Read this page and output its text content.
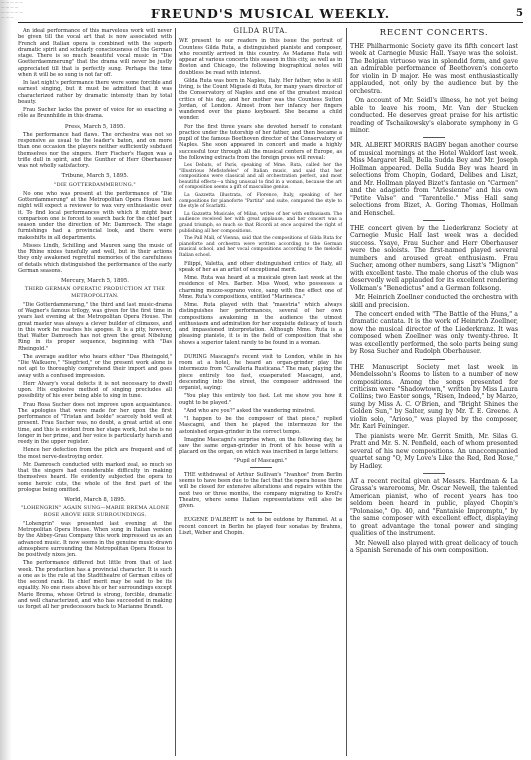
— — — — —
— — — —
— — — — —
— — —	FREUND'S MUSICAL WEEKLY.	5

An ideal performance of this marvelous work will never be given till the vocal art that is now associated with French and Italian opera is combined with the superb dramatic spirit and scholarly consciousness of the German stage. There is so much beautiful vocal music in "Die Goetterdaemmerung" that the drama will never be justly appreciated till that is perfectly sung. Perhaps the time when it will be so sung is not far off.

In last night's performance there were some forcible and earnest singing, but it must be admitted that it was characterized rather by dramatic intensity than by total beauty.

Frau Sucher lacks the power of voice for so exacting a rôle as Brunnhilde in this drama.

Press, March 5, 1895.

The performance had flaws. The orchestra was not so responsive as usual to the leader's baton, and on more than one occasion the players neither sufficiently subdued themselves nor the singers. Herr Fischer's Hagen was a trifle dull in spirit, and the Gunther of Herr Oberhauser was not wholly satisfactory.

Tribune, March 5, 1895.
"DIE GOTTERDAMMERUNG."

No one who was present at the performance of "Die Gotterdammerung" at the Metropolitan Opera House last night will expect a reviewer to wax very enthusiastic over it. To find local performances with which it might bear comparison one is forced to search back for the chief part season under the direction of Mr. Damrosch. The stage furnishings had a provincial look, and there were makeshifts in all departments.

Misses Lindh, Schilling and Mauren sang the music of the Rhine nixies tunefully and well, but in their actions they only awakened regretful memories of the carefulness of details which distinguished the performance of the early German seasons.

Mercury, March 5, 1895.
THIRD GERMAN OPERATIC PRODUCTION AT THE METROPOLITAN.

"Die Gotterdammerung," the third and last music-drama of Wagner's famous trilogy, was given for the first time in years last evening at the Metropolitan Opera House. The great master was always a clever builder of climaxes, and in this work he reaches his apogee. It is a pity, however, that Walter Damrosch has not given the great Nibelung Ring in its proper sequence, beginning with "Das Rheingold."

The average auditor who hears either "Das Rheingold," "Die Walkuere," "Siegfried," or the present work alone is not apt to thoroughly comprehend their import and goes away with a confused impression.

Herr Alvary's vocal defects it is not necessary to dwell upon. His explosive method of singing precludes all possibility of his ever being able to sing in tune.

Frau Rosa Sucher does not improve upon acquaintance. The apologies that were made for her upon the first performance of "Tristan and Isolde" scarcely hold well at present. Frau Sucher was, no doubt, a great artist at one time, and this is evident from her stage work, but she is no longer in her prime, and her voice is particularly harsh and reedy in the upper register.

Hence her defection from the pitch are frequent and of the most nerve-destroying order.

Mr. Damrosch conducted with marked zeal, so much so that the singers had considerable difficulty in making themselves heard. He evidently subjected the opera to some heroic cuts, the whole of the first part of the prologue being omitted.

World, March 8, 1895.
"LOHENGRIN" AGAIN SUNG—MARIE BREMA ALONE ROSE ABOVE HER SURROUNDINGS.

"Lohengrin" was presented last evening at the Metropolitan Opera House. When sung in Italian version by the Abbey-Grau Company this work impressed us as an advanced music. It now seems in the genuine music-drawn atmosphere surrounding the Metropolitan Opera House to be positively nixes jen.

The performance differed but little from that of last week. The production has a provincial character. It is such a one as is the rule at the Stadttheatre of German cities of the second rank. Its chief merit may be said to be its equality. No one rises above his or her surroundings except Marie Brema, whose Ortrud is strong, forcible, dramatic and well characterized, and who has succeeded in making us forget all her predecessors back to Marianne Brandt.

GILDA RUTA.

WE present to our readers in this issue the portrait of Countess Gilda Ruta, a distinguished pianiste and composer, who recently arrived in this country. As Madame Ruta will appear at various concerts this season in this city, as well as in Boston and Chicago, the following biographical notes will doubtless be read with interest.

Gilda Ruta was born in Naples, Italy. Her father, who is still living, is the Count Miguele di Ruta, for many years director of the Conservatory of Naples and one of the greatest musical critics of his day, and her mother was the Countess Sutton Jordan, of London. Almost from her infancy her fingers wandered over the piano keyboard. She became a child wonder.

For the first three years she devoted herself to constant practice under the tutorship of her father, and then became a pupil of the famous Beethoven director of the Conservatory of Naples. She soon appeared in concert and made a highly successful tour through all the musical centers of Europe, as the following extracts from the foreign press will reveal:

Les Debats, of Paris, speaking of Mme. Ruta, called her the "Illustrious Mefistofeles" of Italian music, and said that her compositions were classical and all orchestration perfect, and most beautiful effects—a thing unusual to find in a woman, because the art of composition seems a gift of masculine genius.

La Gazzetta Illustrata, of Florence, Italy, speaking of her compositions for pianoforte "Partita" and suite, compared the style to the style of Scarlatti.

La Gazzetta Musicale, of Milan, writes of her with enthusiasm. The audience received her with great applause, and her concert was a grand triumph, so much so that Ricordi at once acquired the right of publishing all her compositions.

The Pall Mall, of Vienna, said that the compositions of Gilda Ruta for pianoforte and orchestra were written according to the German musical school, and her vocal compositions according to the melodic Italian school.

Filippi, Valetta, and other distinguished critics of Italy, all speak of her as an artist of exceptional merit.

Mme. Ruta was heard at a musicale given last week at the residence of Mrs. Barber. Miss Wood, who possesses a charming mezzo-soprano voice, sang with fine effect one of Mme. Ruta's compositions, entitled "Marinesca."

Mme. Ruta played with that "maestria" which always distinguishes her performances, several of her own compositions awakening in the audience the utmost enthusiasm and admiration for her exquisite delicacy of touch and impassioned interpretation. Although Mme. Ruta is a pleasing pianiste, it is in the field of composition that she shows a superior talent rarely to be found in a woman.

DURING Mascagni's recent visit to London, while in his room at a hotel, he heard an organ-grinder play the intermezzo from "Cavalleria Rusticana." The man, playing the piece entirely too fast, exasperated Mascagni, and, descending into the street, the composer addressed the organist, saying:

"You play this entirely too fast. Let me show you how it ought to be played."

"And who are you?" asked the wandering minstrel.

"I happen to be the composer of that piece," replied Mascagni, and then he played the intermezzo for the astonished organ-grinder in the correct tempo.

Imagine Mascagni's surprise when, on the following day, he saw the same organ-grinder in front of his house with a placard on the organ, on which was inscribed in large letters:

"Pupil of Mascagni."

THE withdrawal of Arthur Sullivan's "Ivanhoe" from Berlin seems to have been due to the fact that the opera house there will be closed for extensive alterations and repairs within the next two or three months, the company migrating to Kroll's Theatre, where some Italian representations will also be given.

EUGENE D'ALBERT is not to be outdone by Rummel. At a recent concert in Berlin he played four sonatas by Brahms, Liszt, Weber and Chopin.

RECENT CONCERTS.

THE Philharmonic Society gave its fifth concert last week at Carnegie Music Hall. Ysaye was the soloist. The Belgian virtuoso was in splendid form, and gave an admirable performance of Beethoven's concerto for violin in D major. He was most enthusiastically applauded, not only by the audience but by the orchestra.

On account of Mr. Seidl's illness, he not yet being able to leave his room, Mr. Van der Stucken conducted. He deserves great praise for his artistic reading of Tschaikowsky's elaborate symphony in G minor.

MR. ALBERT MORRIS BAGBY began another course of musical mornings at the Hotel Waldorf last week. Miss Margaret Hall, Bella Sudda Bey and Mr. Joseph Hollman appeared. Della Sudda Bey was heard in selections from Chopin, Godard, Delibes and Liszt, and Mr. Hollman played Bizet's fantasie on "Carmen" and the adagietto from "Arlesienne" and his own "Petite Valse" and "Tarentelle." Miss Hall sang selections from Bizet, A. Goring Thomas, Hollman and Henschel.

THE concert given by the Liederkranz Society at Carnegie Music Hall last week was a decided success. Ysaye, Frau Sucher and Herr Oberhauser were the soloists. The first-named played several numbers and aroused great enthusiasm. Frau Sucher, among other numbers, sang Liszt's "Mignon" with excellent taste. The male chorus of the club was deservedly well applauded for its excellent rendering Volkman's "Benedictus" and a German folksong.

Mr. Heinrich Zoellner conducted the orchestra with skill and precision.

The concert ended with "The Battle of the Huns," a dramatic cantata. It is the work of Heinrich Zoellner, now the musical director of the Liederkranz. It was composed when Zoellner was only twenty-three. It was excellently performed, the solo parts being sung by Rosa Sucher and Rudolph Oberhauser.

THE Manuscript Society met last week in Mendelssohn's Rooms to listen to a number of new compositions. Among the songs presented for criticism were "Shadowtown," written by Miss Laura Collins; two Easter songs, "Risen, Indeed," by Marzo, sung by Miss A. C. O'Brien, and "Bright Shines the Golden Sun," by Salter, sung by Mr. T. E. Greene. A violin solo, "Arioso," was played by the composer, Mr. Karl Feininger.

The pianists were Mr. Gerrit Smith, Mr. Silas G. Pratt and Mr. S. N. Penfield, each of whom presented several of his new compositions. An unaccompanied quartet sang "O, My Love's Like the Red, Red Rose," by Hadley.

AT a recent recital given at Messrs. Hardman & La Grassa's warerooms, Mr. Oscar Newell, the talented American pianist, who of recent years has too seldom been heard in public, played Chopin's "Polonaise," Op. 40, and "Fantaisie Impromptu," by the same composer with excellent effect, displaying to great advantage the tonal power and singing qualities of the instrument.

Mr. Newell also played with great delicacy of touch a Spanish Serenade of his own composition.
